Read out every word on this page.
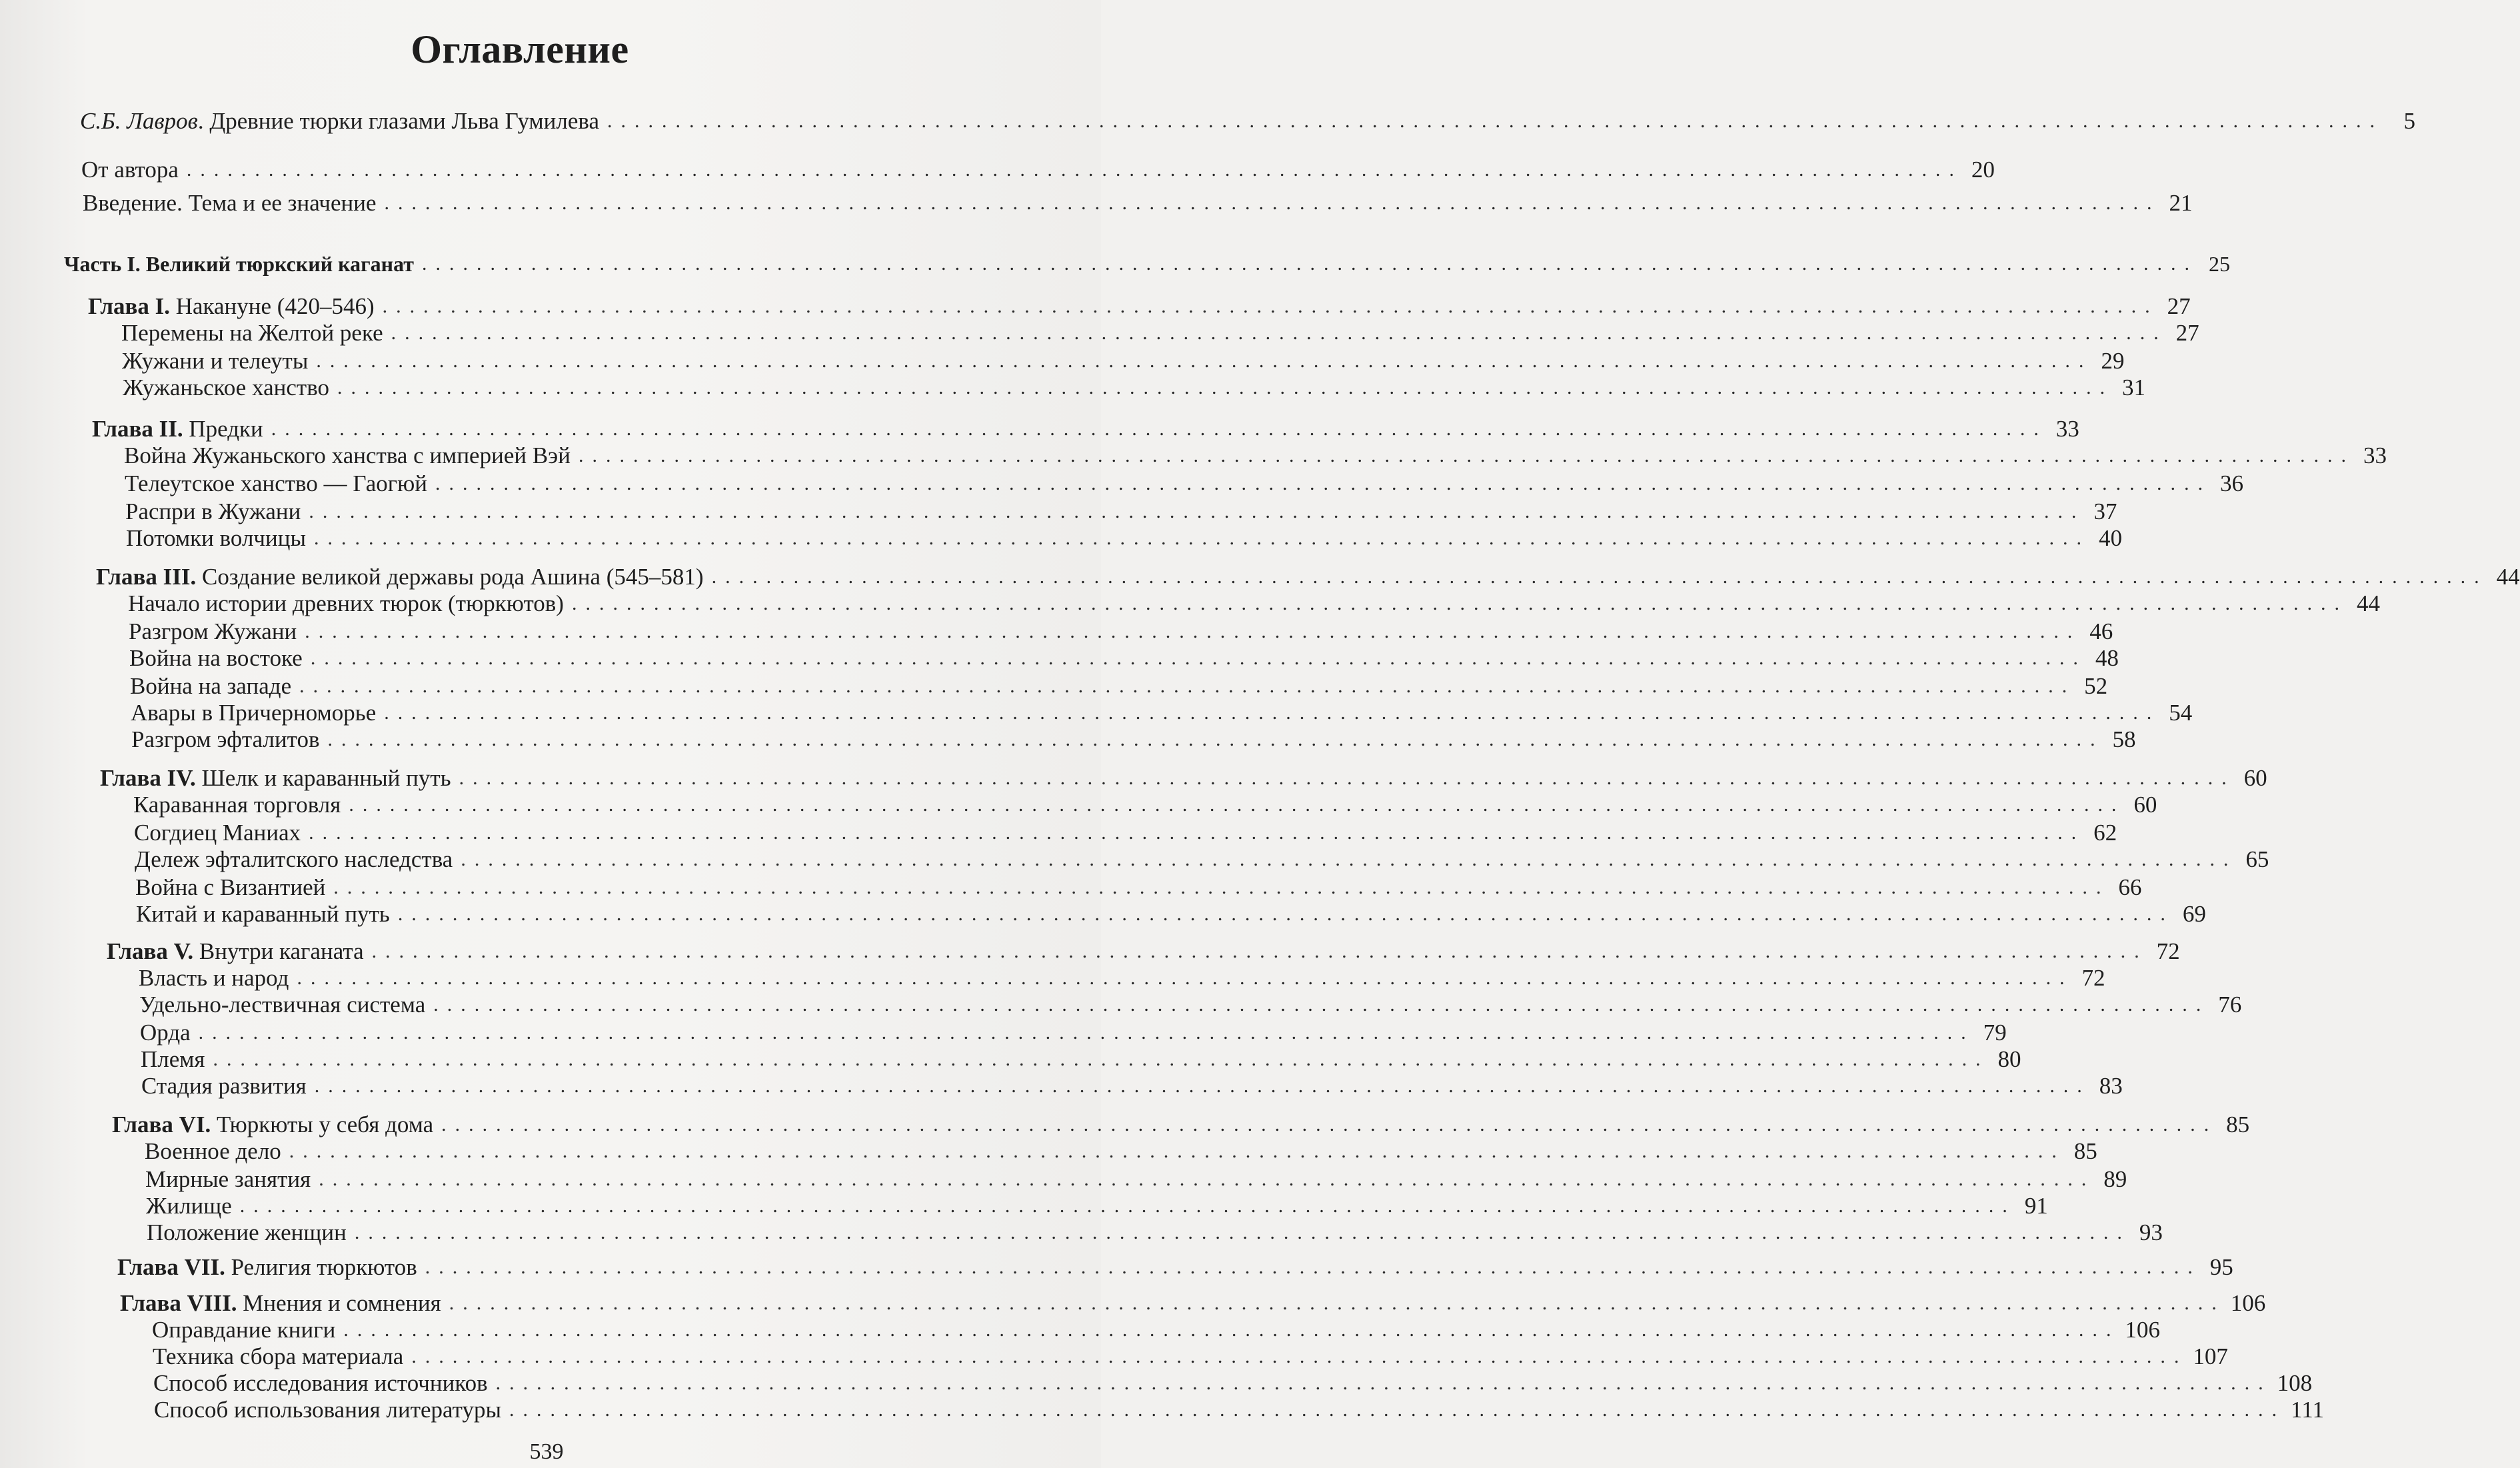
Оглавление
С.Б. Лавров. Древние тюрки глазами Льва Гумилева .................................................................................................................................. 5
От автора .................................................................................................................................. 20
Введение. Тема и ее значение .................................................................................................................................. 21
Часть I. Великий тюркский каганат .................................................................................................................................. 25
Глава I. Накануне (420–546) .................................................................................................................................. 27
Перемены на Желтой реке .................................................................................................................................. 27
Жужани и телеуты .................................................................................................................................. 29
Жужаньское ханство .................................................................................................................................. 31
Глава II. Предки .................................................................................................................................. 33
Война Жужаньского ханства с империей Вэй .................................................................................................................................. 33
Телеутское ханство — Гаогюй .................................................................................................................................. 36
Распри в Жужани .................................................................................................................................. 37
Потомки волчицы .................................................................................................................................. 40
Глава III. Создание великой державы рода Ашина (545–581) .................................................................................................................................. 44
Начало истории древних тюрок (тюркютов) .................................................................................................................................. 44
Разгром Жужани .................................................................................................................................. 46
Война на востоке .................................................................................................................................. 48
Война на западе .................................................................................................................................. 52
Авары в Причерноморье .................................................................................................................................. 54
Разгром эфталитов .................................................................................................................................. 58
Глава IV. Шелк и караванный путь .................................................................................................................................. 60
Караванная торговля .................................................................................................................................. 60
Согдиец Маниах .................................................................................................................................. 62
Дележ эфталитского наследства .................................................................................................................................. 65
Война с Византией .................................................................................................................................. 66
Китай и караванный путь .................................................................................................................................. 69
Глава V. Внутри каганата .................................................................................................................................. 72
Власть и народ .................................................................................................................................. 72
Удельно-лествичная система .................................................................................................................................. 76
Орда .................................................................................................................................. 79
Племя .................................................................................................................................. 80
Стадия развития .................................................................................................................................. 83
Глава VI. Тюркюты у себя дома .................................................................................................................................. 85
Военное дело .................................................................................................................................. 85
Мирные занятия .................................................................................................................................. 89
Жилище .................................................................................................................................. 91
Положение женщин .................................................................................................................................. 93
Глава VII. Религия тюркютов .................................................................................................................................. 95
Глава VIII. Мнения и сомнения .................................................................................................................................. 106
Оправдание книги .................................................................................................................................. 106
Техника сбора материала .................................................................................................................................. 107
Способ исследования источников .................................................................................................................................. 108
Способ использования литературы .................................................................................................................................. 111
539
